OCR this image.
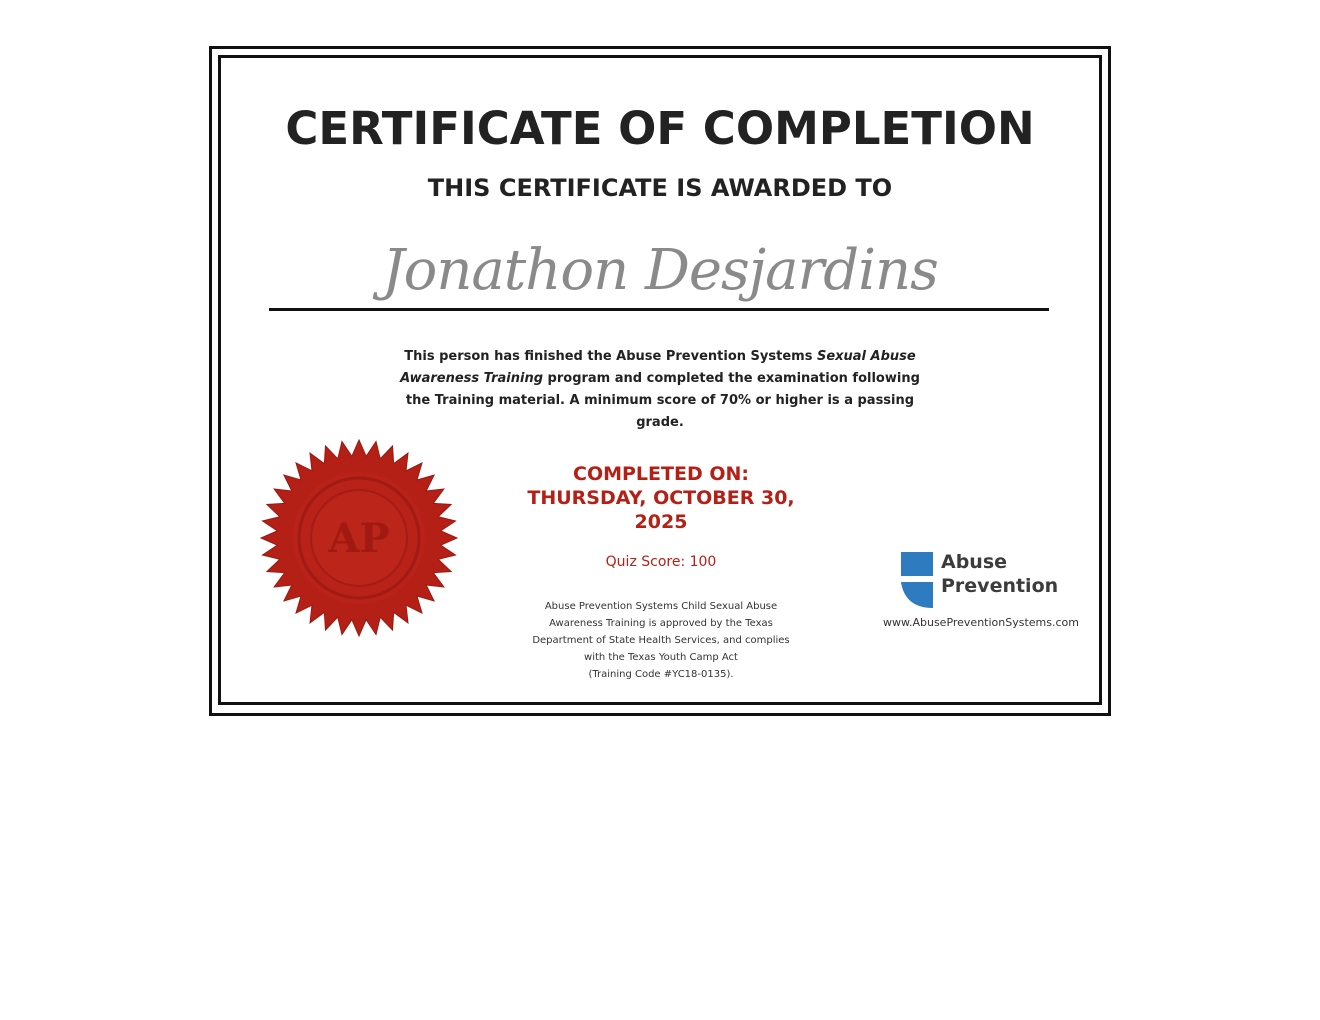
CERTIFICATE OF COMPLETION
THIS CERTIFICATE IS AWARDED TO
Jonathon Desjardins
This person has finished the Abuse Prevention Systems Sexual Abuse Awareness Training program and completed the examination following the Training material. A minimum score of 70% or higher is a passing grade.
AP
COMPLETED ON:
THURSDAY, OCTOBER 30,
2025
Quiz Score: 100
Abuse Prevention Systems Child Sexual Abuse
Awareness Training is approved by the Texas
Department of State Health Services, and complies
with the Texas Youth Camp Act
(Training Code #YC18-0135).
Abuse
Prevention
www.AbusePreventionSystems.com
